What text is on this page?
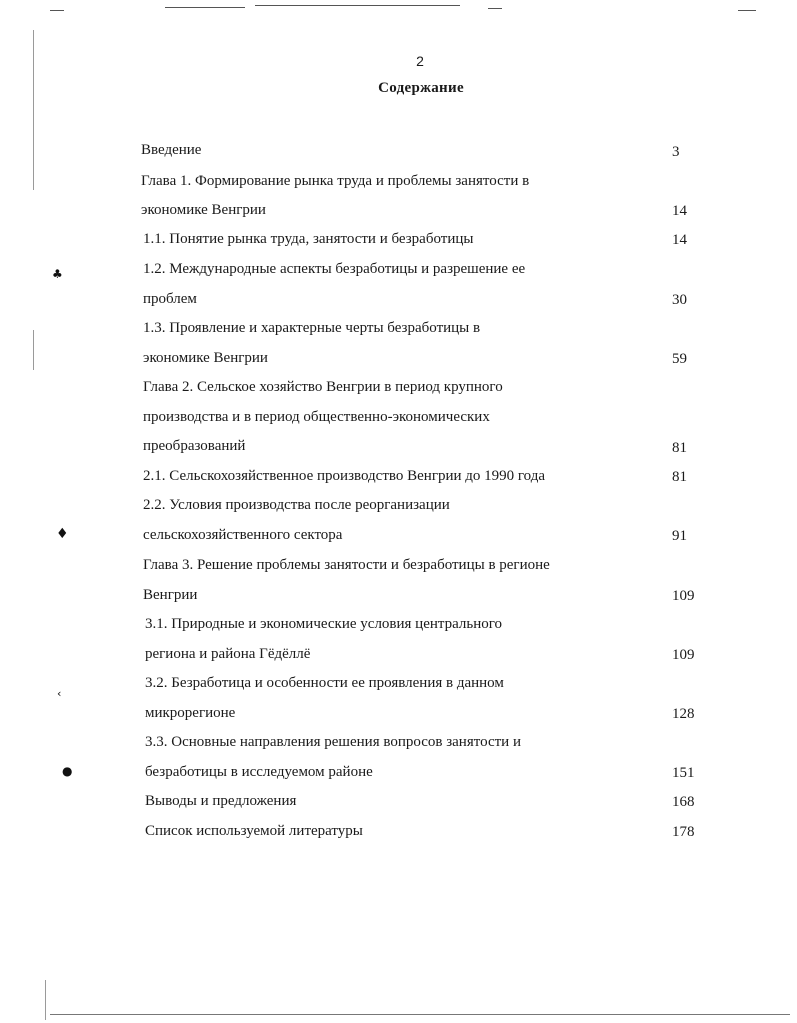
♣
♦
‹
●
2
Содержание
Введение	3
Глава 1. Формирование рынка труда и проблемы занятости в
экономике Венгрии	14
1.1. Понятие рынка труда, занятости и безработицы	14
1.2. Международные аспекты безработицы и разрешение ее
проблем	30
1.3. Проявление и характерные черты безработицы в
экономике Венгрии	59
Глава 2. Сельское хозяйство Венгрии в период крупного
производства и в период общественно-экономических
преобразований	81
2.1. Сельскохозяйственное производство Венгрии до 1990 года	81
2.2. Условия производства после реорганизации
сельскохозяйственного сектора	91
Глава 3. Решение проблемы занятости и безработицы в регионе
Венгрии	109
3.1. Природные и экономические условия центрального
региона и района Гёдёллё	109
3.2. Безработица и особенности ее проявления в данном
микрорегионе	128
3.3. Основные направления решения вопросов занятости и
безработицы в исследуемом районе	151
Выводы и предложения	168
Список используемой литературы	178
